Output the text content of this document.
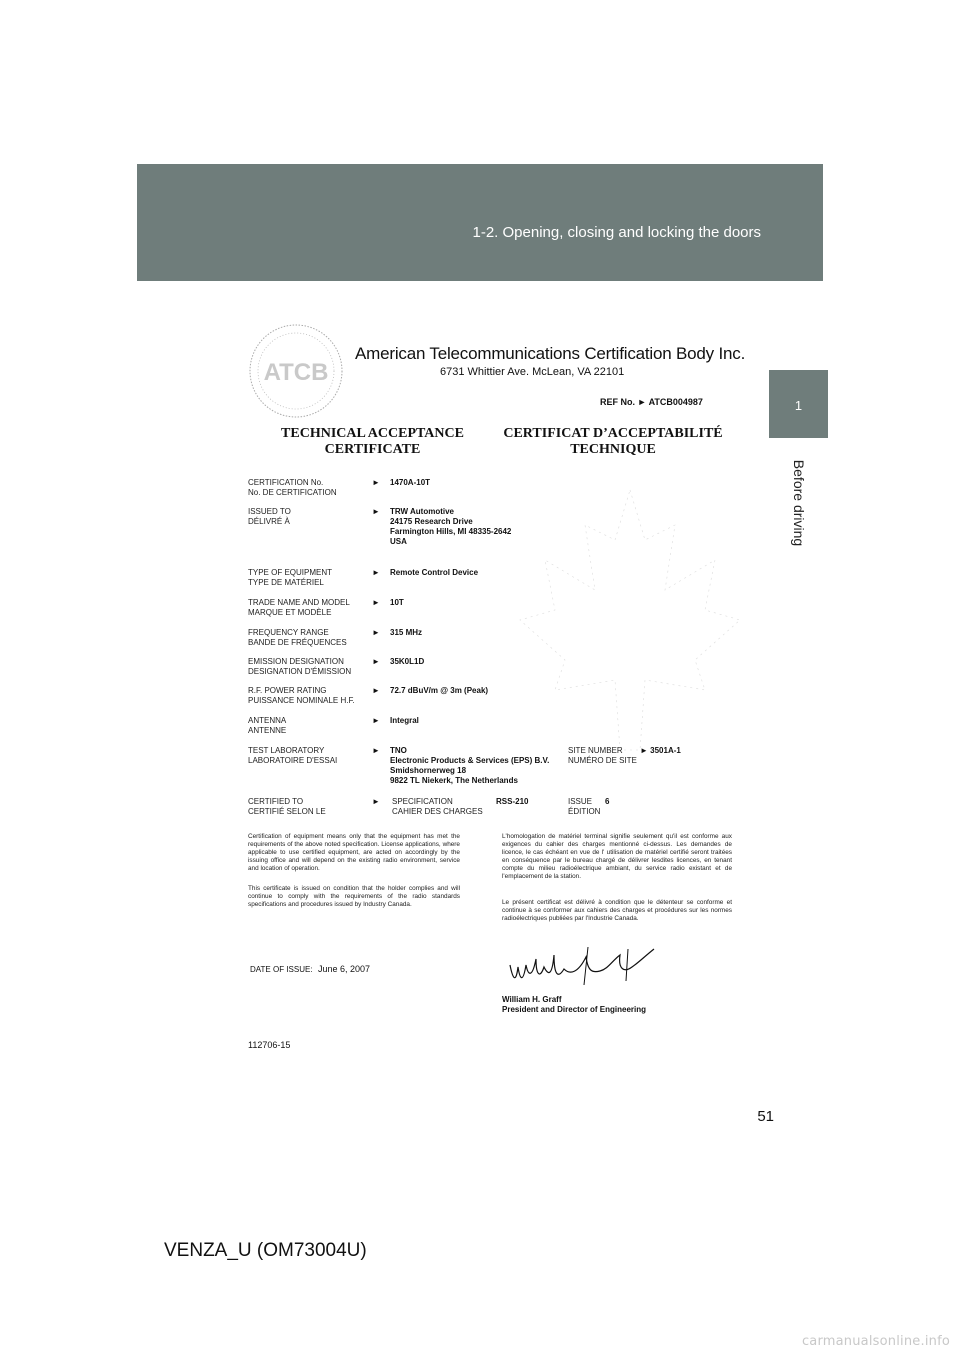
1-2. Opening, closing and locking the doors
1
Before driving
ATCB
American Telecommunications Certification Body Inc.
6731 Whittier Ave. McLean, VA 22101
REF No. ► ATCB004987
TECHNICAL ACCEPTANCE
CERTIFICATE
CERTIFICAT D’ACCEPTABILITÉ
TECHNIQUE
CERTIFICATION No.
No. DE CERTIFICATION
► 1470A-10T
ISSUED TO
DÉLIVRÉ À
► TRW Automotive
24175 Research Drive
Farmington Hills, MI 48335-2642
USA
TYPE OF EQUIPMENT
TYPE DE MATÉRIEL
► Remote Control Device
TRADE NAME AND MODEL
MARQUE ET MODÈLE
► 10T
FREQUENCY RANGE
BANDE DE FRÉQUENCES
► 315 MHz
EMISSION DESIGNATION
DESIGNATION D'ÉMISSION
► 35K0L1D
R.F. POWER RATING
PUISSANCE NOMINALE H.F.
► 72.7 dBuV/m @ 3m (Peak)
ANTENNA
ANTENNE
► Integral
TEST LABORATORY
LABORATOIRE D'ESSAI
► TNO
Electronic Products & Services (EPS) B.V.
Smidshornerweg 18
9822 TL Niekerk, The Netherlands
SITE NUMBER
NUMÉRO DE SITE
► 3501A-1
CERTIFIED TO
CERTIFIÉ SELON LE
► SPECIFICATION
CAHIER DES CHARGES
RSS-210	ISSUE
ÉDITION
6
Certification of equipment means only that the equipment has met the requirements of the above noted specification. License applications, where applicable to use certified equipment, are acted on accordingly by the issuing office and will depend on the existing radio environment, service and location of operation.
This certificate is issued on condition that the holder complies and will continue to comply with the requirements of the radio standards specifications and procedures issued by Industry Canada.
L'homologation de matériel terminal signifie seulement qu'il est conforme aux exigences du cahier des charges mentionné ci-dessus. Les demandes de licence, le cas échéant en vue de l' utilisation de matériel certifié seront traitées en conséquence par le bureau chargé de délivrer lesdites licences, en tenant compte du milieu radioélectrique ambiant, du service radio existant et de l'emplacement de la station.
Le présent certificat est délivré à condition que le détenteur se conforme et continue à se conformer aux cahiers des charges et procédures sur les normes radioélectriques publiées par l'Industrie Canada.
DATE OF ISSUE: June 6, 2007
William H. Graff
President and Director of Engineering
112706-15
51
VENZA_U (OM73004U)
carmanualsonline.info
